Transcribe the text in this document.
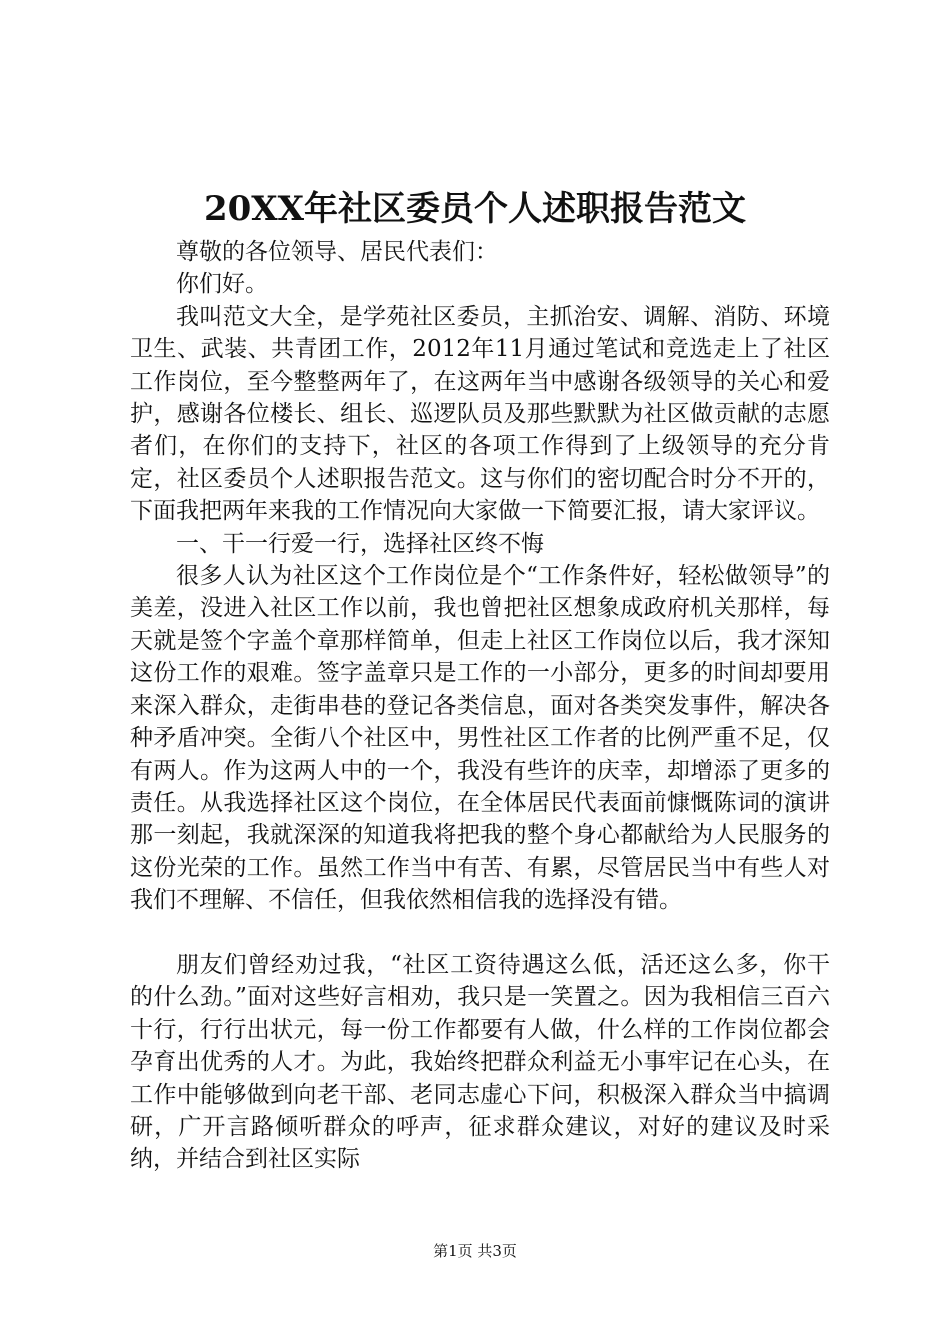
20XX年社区委员个人述职报告范文

尊敬的各位领导、居民代表们：

你们好。

我叫范文大全，是学苑社区委员，主抓治安、调解、消防、环境卫生、武装、共青团工作，2012年11月通过笔试和竞选走上了社区工作岗位，至今整整两年了，在这两年当中感谢各级领导的关心和爱护，感谢各位楼长、组长、巡逻队员及那些默默为社区做贡献的志愿者们，在你们的支持下，社区的各项工作得到了上级领导的充分肯定，社区委员个人述职报告范文。这与你们的密切配合时分不开的，下面我把两年来我的工作情况向大家做一下简要汇报，请大家评议。

一、干一行爱一行，选择社区终不悔

很多人认为社区这个工作岗位是个“工作条件好，轻松做领导”的美差，没进入社区工作以前，我也曾把社区想象成政府机关那样，每天就是签个字盖个章那样简单，但走上社区工作岗位以后，我才深知这份工作的艰难。签字盖章只是工作的一小部分，更多的时间却要用来深入群众，走街串巷的登记各类信息，面对各类突发事件，解决各种矛盾冲突。全街八个社区中，男性社区工作者的比例严重不足，仅有两人。作为这两人中的一个，我没有些许的庆幸，却增添了更多的责任。从我选择社区这个岗位，在全体居民代表面前慷慨陈词的演讲那一刻起，我就深深的知道我将把我的整个身心都献给为人民服务的这份光荣的工作。虽然工作当中有苦、有累，尽管居民当中有些人对我们不理解、不信任，但我依然相信我的选择没有错。

朋友们曾经劝过我，“社区工资待遇这么低，活还这么多，你干的什么劲。”面对这些好言相劝，我只是一笑置之。因为我相信三百六十行，行行出状元，每一份工作都要有人做，什么样的工作岗位都会孕育出优秀的人才。为此，我始终把群众利益无小事牢记在心头，在工作中能够做到向老干部、老同志虚心下问，积极深入群众当中搞调研，广开言路倾听群众的呼声，征求群众建议，对好的建议及时采纳，并结合到社区实际

第1页 共3页
